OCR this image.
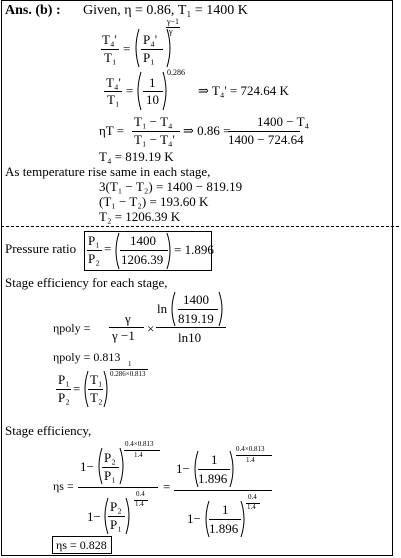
Ans. (b) : Given, η = 0.86, T₁ = 1400 K
T₄'
T₁
=
P₄'
P₁
γ−1
γ
T₄'
T₁
=
1
10
0.286
⇒ T₄' = 724.64 K
ηT =
T₁ − T₄
T₁ − T₄'
⇒ 0.86 =
1400 − T₄
1400 − 724.64
T₄ = 819.19 K
As temperature rise same in each stage,
3(T₁ − T₂) = 1400 − 819.19
(T₁ − T₂) = 193.60 K
T₂ = 1206.39 K
Pressure ratio
P₁
P₂
=
1400
1206.39
= 1.896
Stage efficiency for each stage,
ηpoly =
γ
γ −1 ×
ln
1400
819.19
ln10
ηpoly = 0.813
P₁
P₂
=
T₁
T₂
1
0.286×0.813
Stage efficiency,
ηs =
1−
P₂
P₁
0.4×0.813
1.4
1−
P₂
P₁
0.4
1.4
=
1−
1
1.896
0.4×0.813
1.4
1−
1
1.896
0.4
1.4
ηs = 0.828
